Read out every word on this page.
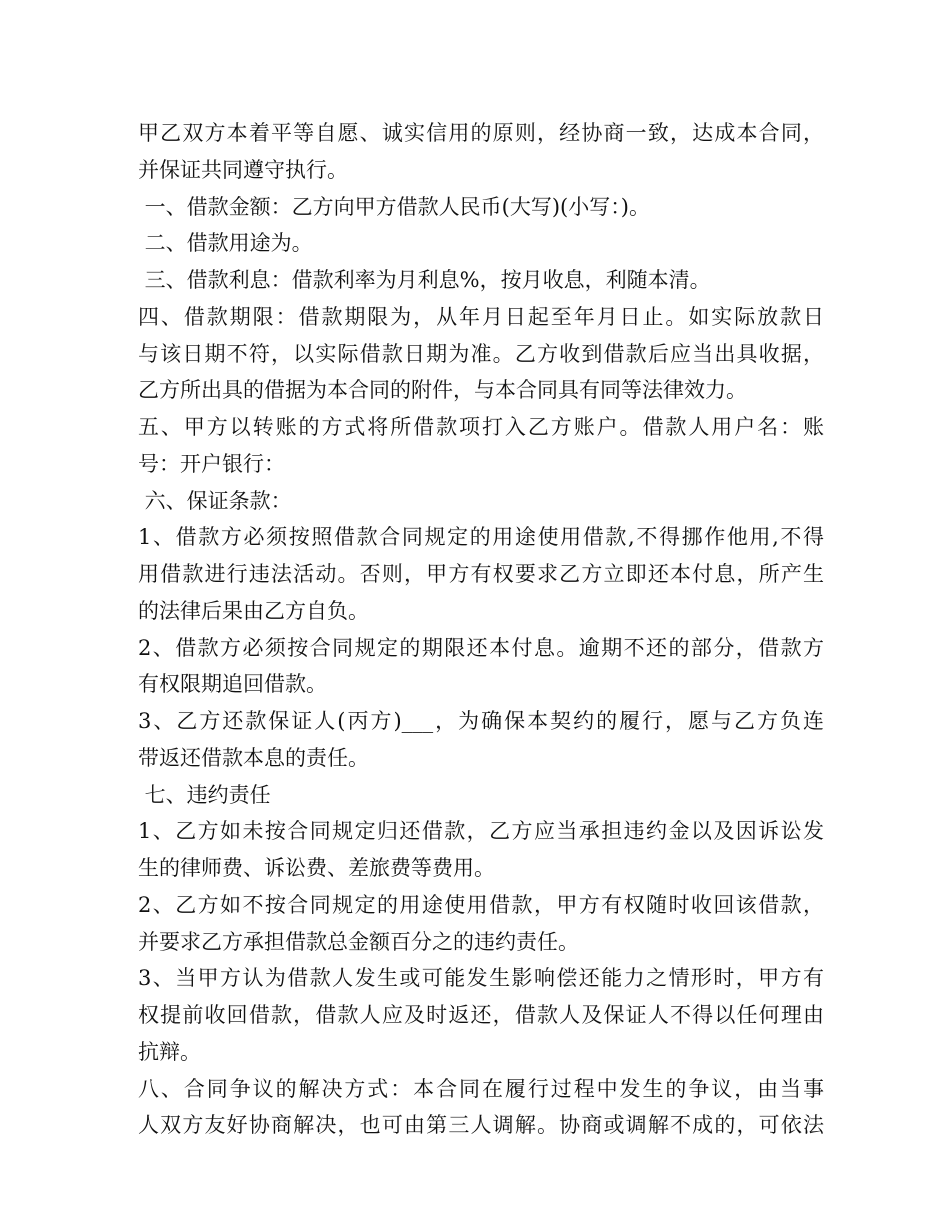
甲乙双方本着平等自愿、诚实信用的原则，经协商一致，达成本合同，
并保证共同遵守执行。
一、借款金额：乙方向甲方借款人民币(大写)(小写：)。
二、借款用途为。
三、借款利息：借款利率为月利息%，按月收息，利随本清。
四、借款期限：借款期限为，从年月日起至年月日止。如实际放款日
与该日期不符，以实际借款日期为准。乙方收到借款后应当出具收据，
乙方所出具的借据为本合同的附件，与本合同具有同等法律效力。
五、甲方以转账的方式将所借款项打入乙方账户。借款人用户名：账
号：开户银行：
六、保证条款：
1、借款方必须按照借款合同规定的用途使用借款,不得挪作他用,不得
用借款进行违法活动。否则，甲方有权要求乙方立即还本付息，所产生
的法律后果由乙方自负。
2、借款方必须按合同规定的期限还本付息。逾期不还的部分，借款方
有权限期追回借款。
3、乙方还款保证人(丙方)___，为确保本契约的履行，愿与乙方负连
带返还借款本息的责任。
七、违约责任
1、乙方如未按合同规定归还借款，乙方应当承担违约金以及因诉讼发
生的律师费、诉讼费、差旅费等费用。
2、乙方如不按合同规定的用途使用借款，甲方有权随时收回该借款，
并要求乙方承担借款总金额百分之的违约责任。
3、当甲方认为借款人发生或可能发生影响偿还能力之情形时，甲方有
权提前收回借款，借款人应及时返还，借款人及保证人不得以任何理由
抗辩。
八、合同争议的解决方式：本合同在履行过程中发生的争议，由当事
人双方友好协商解决，也可由第三人调解。协商或调解不成的，可依法
